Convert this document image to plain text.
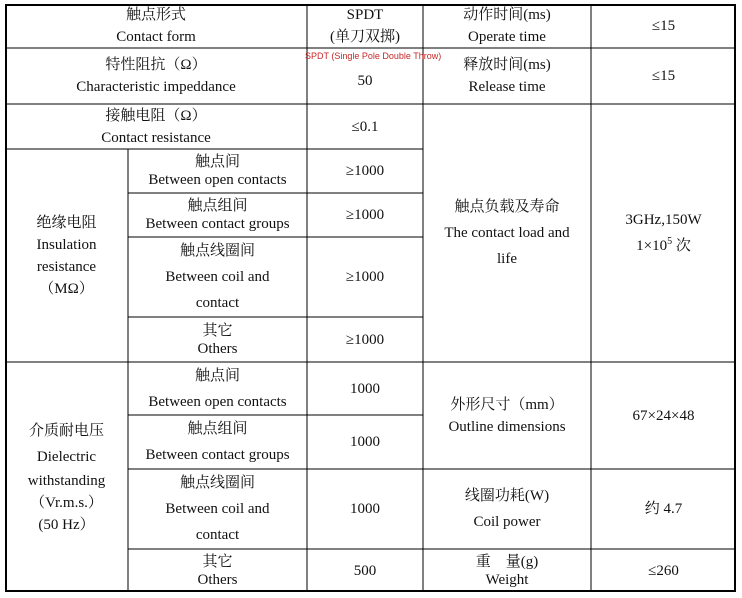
触点形式
Contact form
SPDT
(单刀双掷)
动作时间(ms)
Operate time
≤15
特性阻抗（Ω）
Characteristic impeddance
SPDT (Single Pole Double Throw)
50
释放时间(ms)
Release time
≤15
接触电阻（Ω）
Contact resistance
≤0.1
绝缘电阻
Insulation
resistance
（MΩ）
触点间
Between open contacts
≥1000
触点组间
Between contact groups
≥1000
触点线圈间
Between coil and
contact
≥1000
其它
Others
≥1000
触点负载及寿命
The contact load and
life
3GHz,150W
$1\times 10^5$ 次
介质耐电压
Dielectric
withstanding
（Vr.m.s.）
(50 Hz）
触点间
Between open contacts
1000
触点组间
Between contact groups
1000
触点线圈间
Between coil and
contact
1000
其它
Others
500
外形尺寸（mm）
Outline dimensions
67×24×48
线圈功耗(W)
Coil power
约 4.7
重    量(g)
Weight
≤260
